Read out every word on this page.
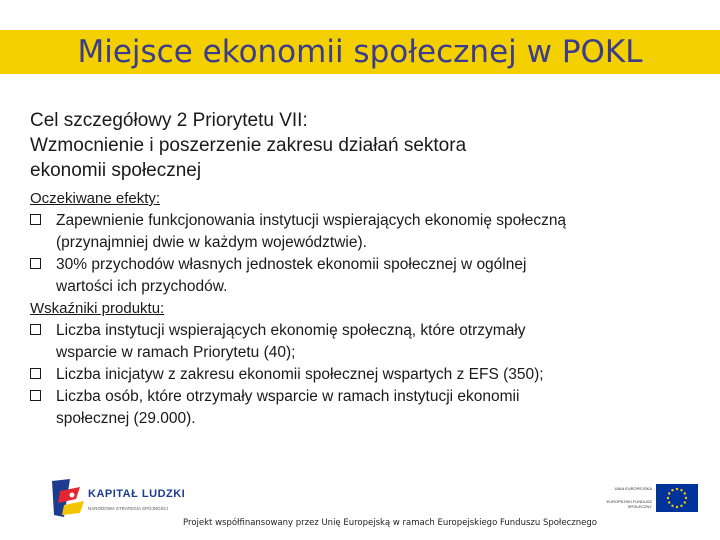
Miejsce ekonomii społecznej w POKL

Cel szczegółowy 2 Priorytetu VII:

Wzmocnienie i poszerzenie zakresu działań sektora

ekonomii społecznej

Oczekiwane efekty:
Zapewnienie funkcjonowania instytucji wspierających ekonomię społeczną
(przynajmniej dwie w każdym województwie).
30% przychodów własnych jednostek ekonomii społecznej w ogólnej
wartości ich przychodów.
Wskaźniki produktu:
Liczba instytucji wspierających ekonomię społeczną, które otrzymały
wsparcie w ramach Priorytetu (40);
Liczba inicjatyw z zakresu ekonomii społecznej wspartych z EFS (350);
Liczba osób, które otrzymały wsparcie w ramach instytucji ekonomii
społecznej (29.000).
KAPITAŁ LUDZKI
NARODOWA STRATEGIA SPÓJNOŚCI
UNIA EUROPEJSKA
EUROPEJSKI FUNDUSZ SPOŁECZNY
Projekt współfinansowany przez Unię Europejską w ramach Europejskiego Funduszu Społecznego
